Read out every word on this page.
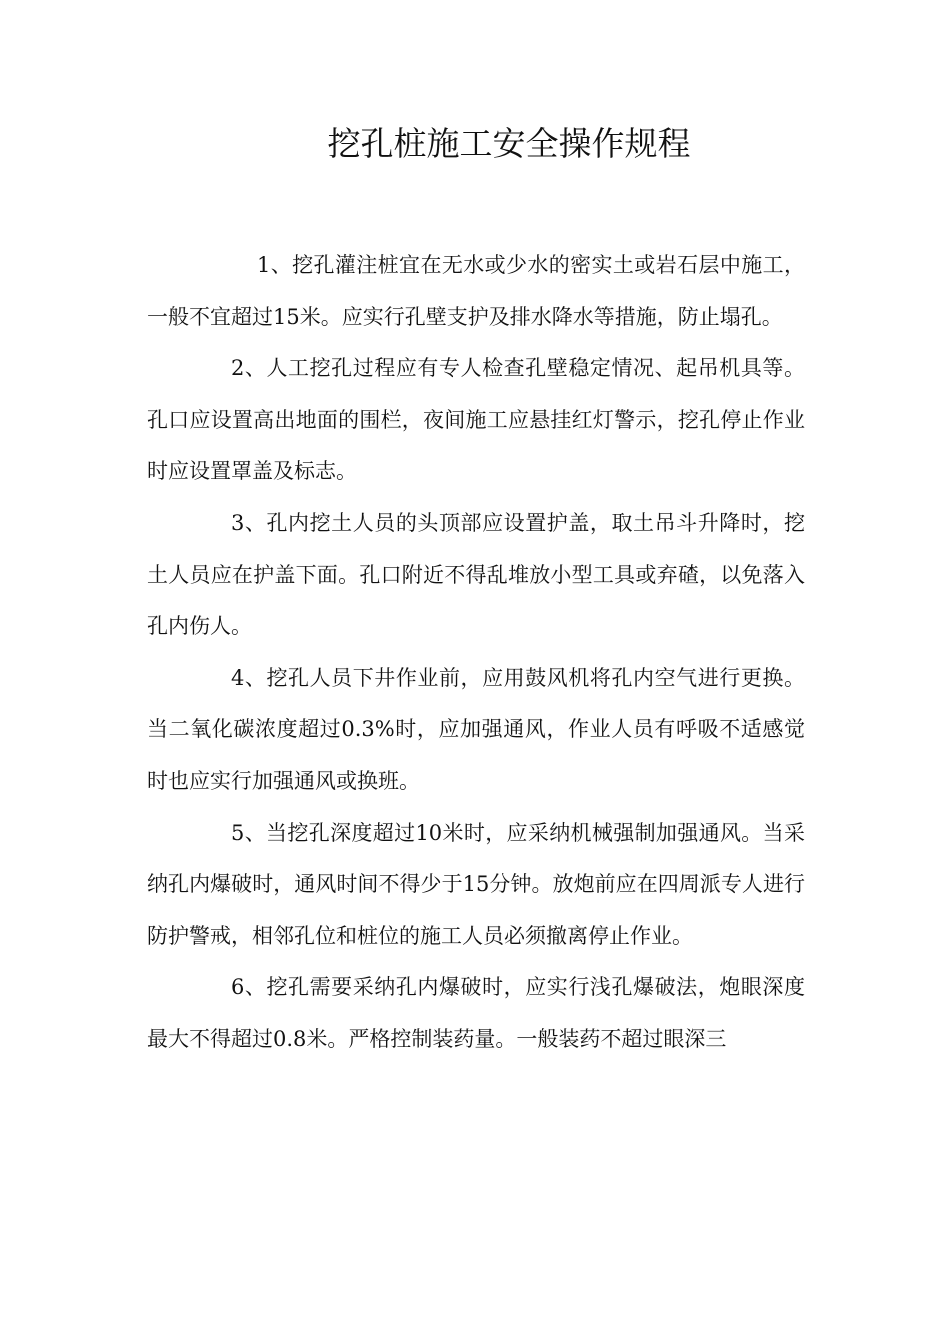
挖孔桩施工安全操作规程

1、挖孔灌注桩宜在无水或少水的密实土或岩石层中施工，一般不宜超过15米。应实行孔壁支护及排水降水等措施，防止塌孔。

2、人工挖孔过程应有专人检查孔壁稳定情况、起吊机具等。孔口应设置高出地面的围栏，夜间施工应悬挂红灯警示，挖孔停止作业时应设置罩盖及标志。

3、孔内挖土人员的头顶部应设置护盖，取土吊斗升降时，挖土人员应在护盖下面。孔口附近不得乱堆放小型工具或弃碴，以免落入孔内伤人。

4、挖孔人员下井作业前，应用鼓风机将孔内空气进行更换。当二氧化碳浓度超过0.3%时，应加强通风，作业人员有呼吸不适感觉时也应实行加强通风或换班。

5、当挖孔深度超过10米时，应采纳机械强制加强通风。当采纳孔内爆破时，通风时间不得少于15分钟。放炮前应在四周派专人进行防护警戒，相邻孔位和桩位的施工人员必须撤离停止作业。

6、挖孔需要采纳孔内爆破时，应实行浅孔爆破法，炮眼深度最大不得超过0.8米。严格控制装药量。一般装药不超过眼深三
